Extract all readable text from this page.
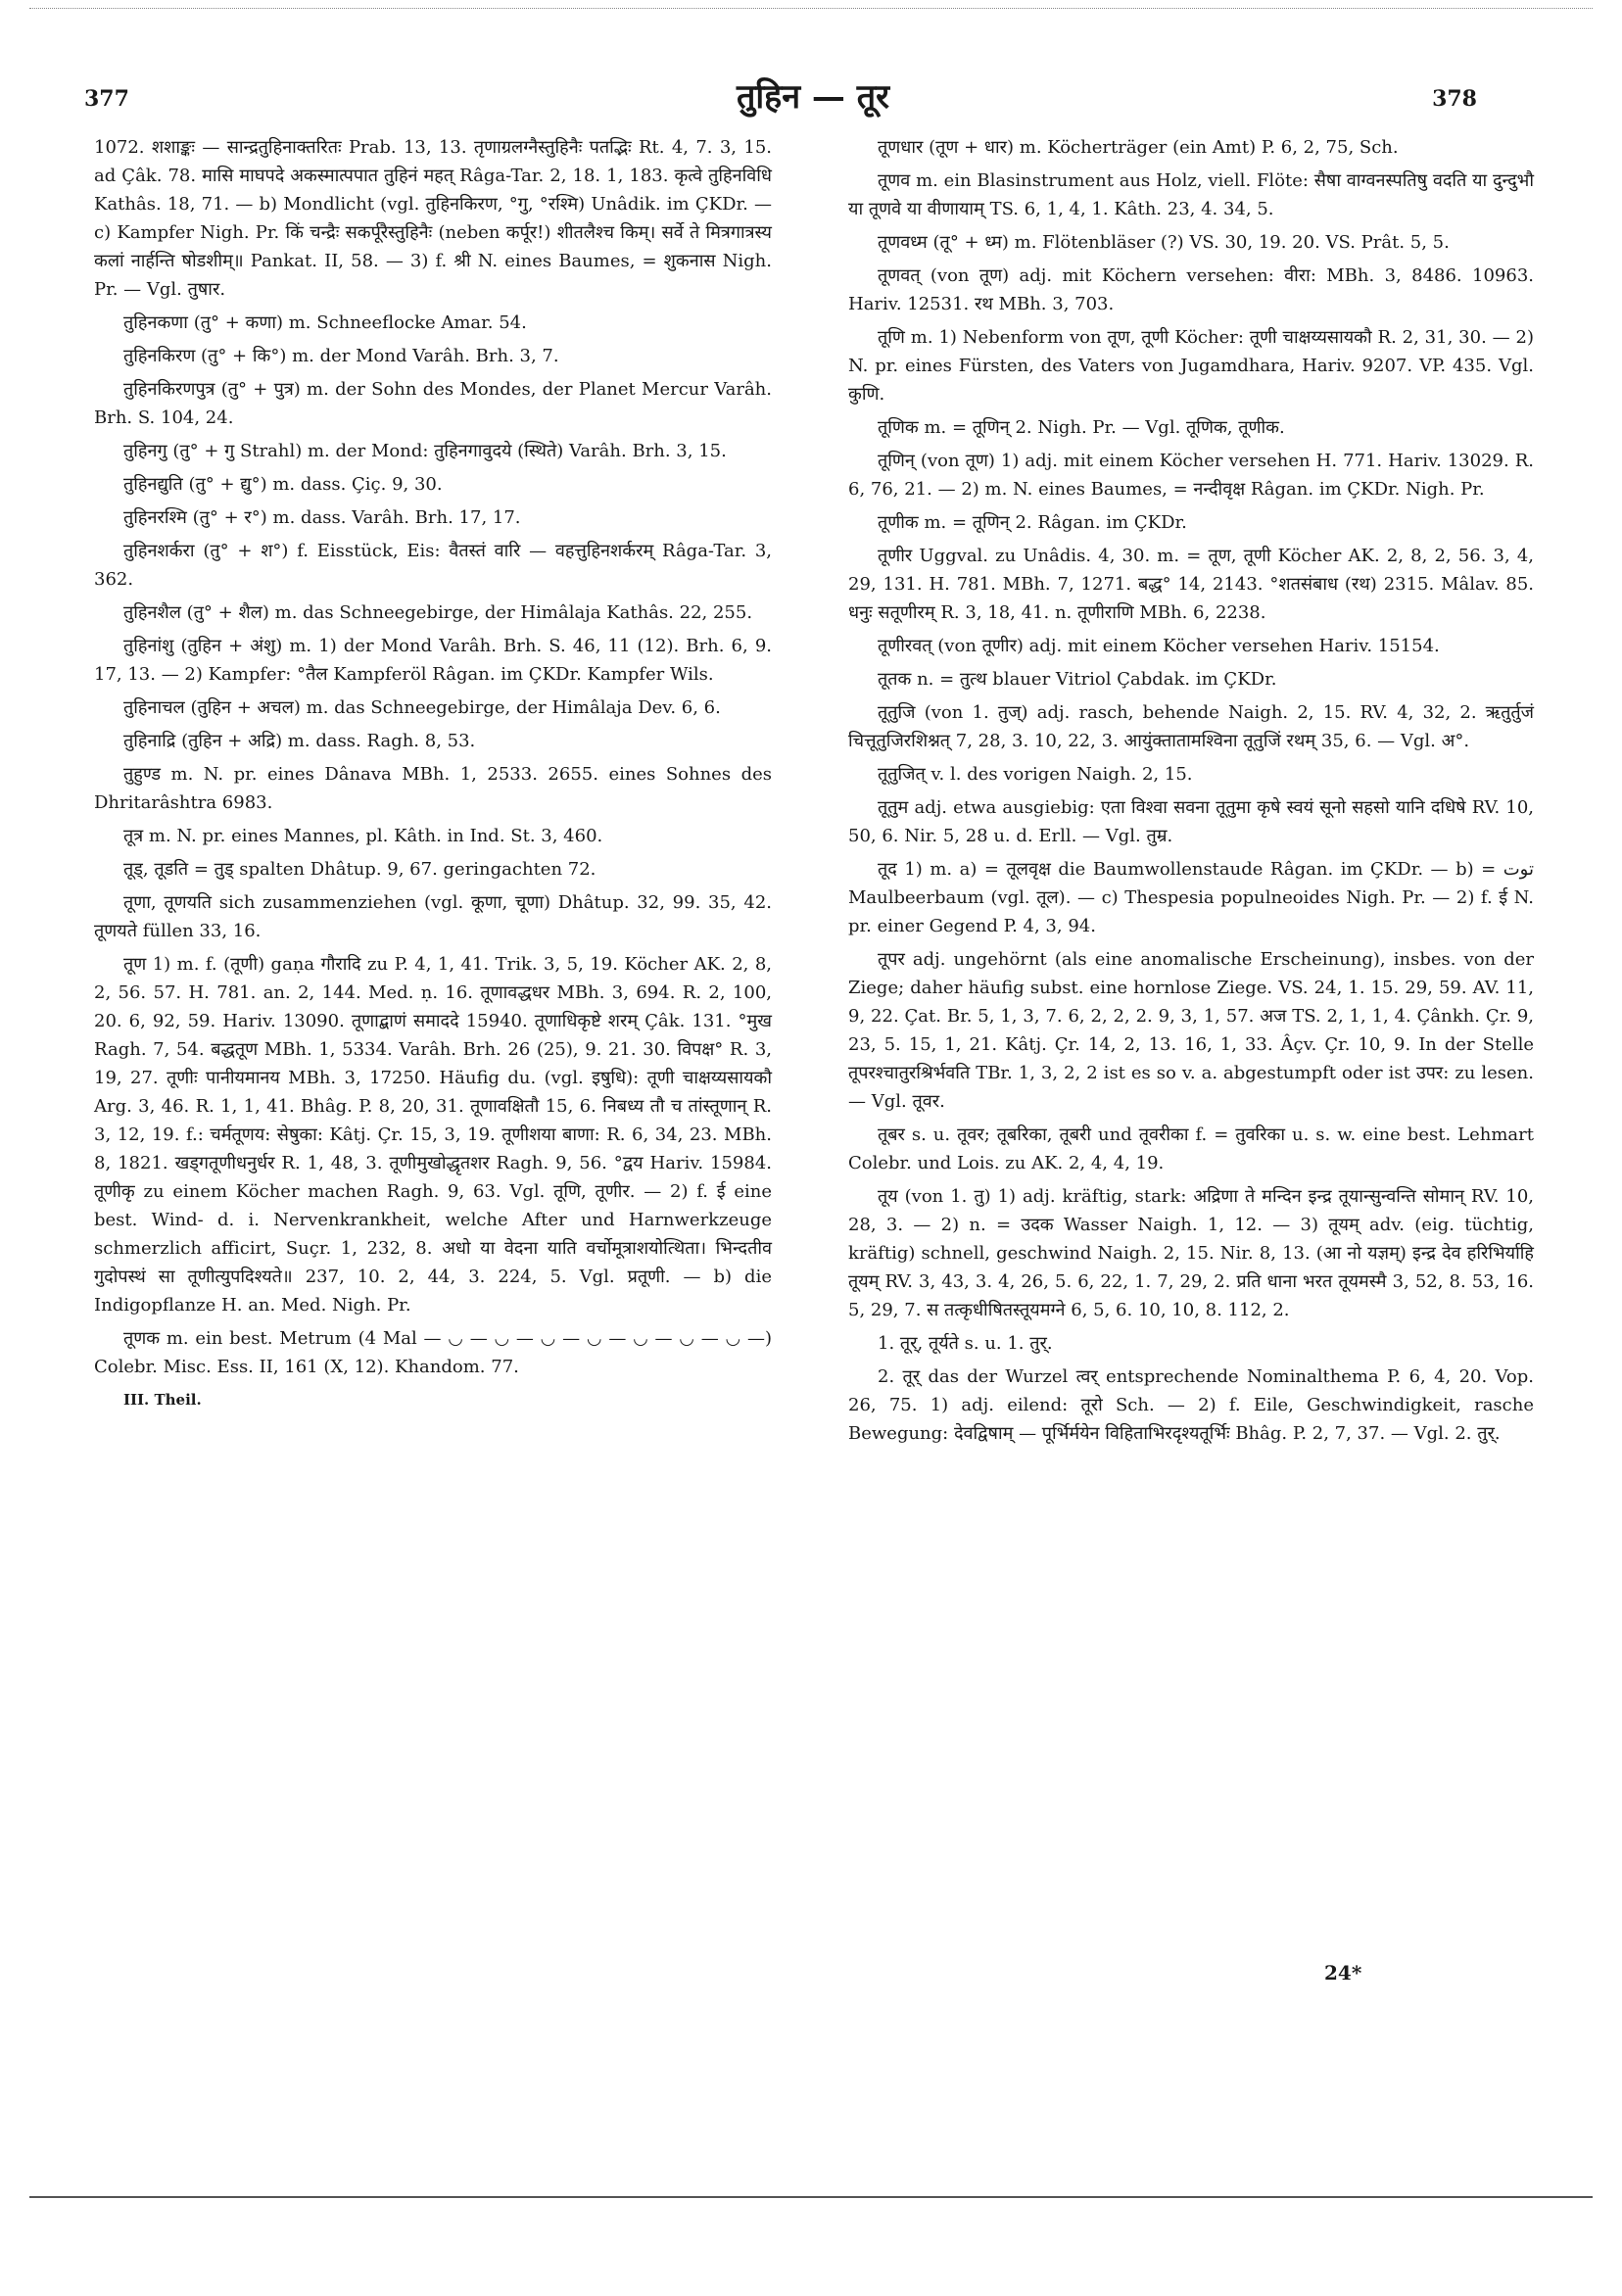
377	तुहिन — तूर	378

1072. शशाङ्कः — सान्द्रतुहिनाक्तरितः Prab. 13, 13. तृणाग्रलग्नैस्तुहिनैः पतद्भिः Rt. 4, 7. 3, 15. ad Çâk. 78. मासि माघपदे अकस्मात्पपात तुहिनं महत् Râga-Tar. 2, 18. 1, 183. कृत्वे तुहिनविधि Kathâs. 18, 71. — b) Mondlicht (vgl. तुहिनकिरण, °गु, °रश्मि) Unâdik. im ÇKDr. — c) Kampfer Nigh. Pr. किं चन्द्रैः सकर्पूरैस्तुहिनैः (neben कर्पूर!) शीतलैश्च किम्। सर्वे ते मित्रगात्रस्य कलां नार्हन्ति षोडशीम्॥ Pankat. II, 58. — 3) f. श्री N. eines Baumes, = शुकनास Nigh. Pr. — Vgl. तुषार.

तुहिनकणा (तु° + कणा) m. Schneeflocke Amar. 54.

तुहिनकिरण (तु° + कि°) m. der Mond Varâh. Brh. 3, 7.

तुहिनकिरणपुत्र (तु° + पुत्र) m. der Sohn des Mondes, der Planet Mercur Varâh. Brh. S. 104, 24.

तुहिनगु (तु° + गु Strahl) m. der Mond: तुहिनगावुदये (स्थिते) Varâh. Brh. 3, 15.

तुहिनद्युति (तु° + द्यु°) m. dass. Çiç. 9, 30.

तुहिनरश्मि (तु° + र°) m. dass. Varâh. Brh. 17, 17.

तुहिनशर्करा (तु° + श°) f. Eisstück, Eis: वैतस्तं वारि — वहत्तुहिनशर्करम् Râga-Tar. 3, 362.

तुहिनशैल (तु° + शैल) m. das Schneegebirge, der Himâlaja Kathâs. 22, 255.

तुहिनांशु (तुहिन + अंशु) m. 1) der Mond Varâh. Brh. S. 46, 11 (12). Brh. 6, 9. 17, 13. — 2) Kampfer: °तैल Kampferöl Râgan. im ÇKDr. Kampfer Wils.

तुहिनाचल (तुहिन + अचल) m. das Schneegebirge, der Himâlaja Dev. 6, 6.

तुहिनाद्रि (तुहिन + अद्रि) m. dass. Ragh. 8, 53.

तुहुण्ड m. N. pr. eines Dânava MBh. 1, 2533. 2655. eines Sohnes des Dhritarâshtra 6983.

तूत्र m. N. pr. eines Mannes, pl. Kâth. in Ind. St. 3, 460.

तूड्, तूडति = तुड् spalten Dhâtup. 9, 67. geringachten 72.

तूणा, तूणयति sich zusammenziehen (vgl. कूणा, चूणा) Dhâtup. 32, 99. 35, 42. तूणयते füllen 33, 16.

तूण 1) m. f. (तूणी) gaṇa गौरादि zu P. 4, 1, 41. Trik. 3, 5, 19. Köcher AK. 2, 8, 2, 56. 57. H. 781. an. 2, 144. Med. ṇ. 16. तूणावद्धधर MBh. 3, 694. R. 2, 100, 20. 6, 92, 59. Hariv. 13090. तूणाद्बाणं समाददे 15940. तूणाधिकृष्टे शरम् Çâk. 131. °मुख Ragh. 7, 54. बद्धतूण MBh. 1, 5334. Varâh. Brh. 26 (25), 9. 21. 30. विपक्ष° R. 3, 19, 27. तूणीः पानीयमानय MBh. 3, 17250. Häufig du. (vgl. इषुधि): तूणी चाक्षय्यसायकौ Arg. 3, 46. R. 1, 1, 41. Bhâg. P. 8, 20, 31. तूणावक्षितौ 15, 6. निबध्य तौ च तांस्तूणान् R. 3, 12, 19. f.: चर्मतूणय: सेषुका: Kâtj. Çr. 15, 3, 19. तूणीशया बाणा: R. 6, 34, 23. MBh. 8, 1821. खड्गतूणीधनुर्धर R. 1, 48, 3. तूणीमुखोद्धृतशर Ragh. 9, 56. °द्वय Hariv. 15984. तूणीकृ zu einem Köcher machen Ragh. 9, 63. Vgl. तूणि, तूणीर. — 2) f. ई eine best. Wind- d. i. Nervenkrankheit, welche After und Harnwerkzeuge schmerzlich afficirt, Suçr. 1, 232, 8. अधो या वेदना याति वर्चोमूत्राशयोत्थिता। भिन्दतीव गुदोपस्थं सा तूणीत्युपदिश्यते॥ 237, 10. 2, 44, 3. 224, 5. Vgl. प्रतूणी. — b) die Indigopflanze H. an. Med. Nigh. Pr.

तूणक m. ein best. Metrum (4 Mal — ◡ — ◡ — ◡ — ◡ — ◡ — ◡ — ◡ —) Colebr. Misc. Ess. II, 161 (X, 12). Khandom. 77.

III. Theil.

तूणधार (तूण + धार) m. Köcherträger (ein Amt) P. 6, 2, 75, Sch.

तूणव m. ein Blasinstrument aus Holz, viell. Flöte: सैषा वाग्वनस्पतिषु वदति या दुन्दुभौ या तूणवे या वीणायाम् TS. 6, 1, 4, 1. Kâth. 23, 4. 34, 5.

तूणवध्म (तू° + ध्म) m. Flötenbläser (?) VS. 30, 19. 20. VS. Prât. 5, 5.

तूणवत् (von तूण) adj. mit Köchern versehen: वीरा: MBh. 3, 8486. 10963. Hariv. 12531. रथ MBh. 3, 703.

तूणि m. 1) Nebenform von तूण, तूणी Köcher: तूणी चाक्षय्यसायकौ R. 2, 31, 30. — 2) N. pr. eines Fürsten, des Vaters von Jugamdhara, Hariv. 9207. VP. 435. Vgl. कुणि.

तूणिक m. = तूणिन् 2. Nigh. Pr. — Vgl. तूणिक, तूणीक.

तूणिन् (von तूण) 1) adj. mit einem Köcher versehen H. 771. Hariv. 13029. R. 6, 76, 21. — 2) m. N. eines Baumes, = नन्दीवृक्ष Râgan. im ÇKDr. Nigh. Pr.

तूणीक m. = तूणिन् 2. Râgan. im ÇKDr.

तूणीर Uggval. zu Unâdis. 4, 30. m. = तूण, तूणी Köcher AK. 2, 8, 2, 56. 3, 4, 29, 131. H. 781. MBh. 7, 1271. बद्ध° 14, 2143. °शतसंबाध (रथ) 2315. Mâlav. 85. धनुः सतूणीरम् R. 3, 18, 41. n. तूणीराणि MBh. 6, 2238.

तूणीरवत् (von तूणीर) adj. mit einem Köcher versehen Hariv. 15154.

तूतक n. = तुत्थ blauer Vitriol Çabdak. im ÇKDr.

तूतुजि (von 1. तुज्) adj. rasch, behende Naigh. 2, 15. RV. 4, 32, 2. ऋतुर्तुजं चित्तूतुजिरशिश्नत् 7, 28, 3. 10, 22, 3. आयुंक्तातामश्विना तूतुजिं रथम् 35, 6. — Vgl. अ°.

तूतुजित् v. l. des vorigen Naigh. 2, 15.

तूतुम adj. etwa ausgiebig: एता विश्वा सवना तूतुमा कृषे स्वयं सूनो सहसो यानि दधिषे RV. 10, 50, 6. Nir. 5, 28 u. d. Erll. — Vgl. तुम्र.

तूद 1) m. a) = तूलवृक्ष die Baumwollenstaude Râgan. im ÇKDr. — b) = توت Maulbeerbaum (vgl. तूल). — c) Thespesia populneoides Nigh. Pr. — 2) f. ई N. pr. einer Gegend P. 4, 3, 94.

तूपर adj. ungehörnt (als eine anomalische Erscheinung), insbes. von der Ziege; daher häufig subst. eine hornlose Ziege. VS. 24, 1. 15. 29, 59. AV. 11, 9, 22. Çat. Br. 5, 1, 3, 7. 6, 2, 2, 2. 9, 3, 1, 57. अज TS. 2, 1, 1, 4. Çânkh. Çr. 9, 23, 5. 15, 1, 21. Kâtj. Çr. 14, 2, 13. 16, 1, 33. Âçv. Çr. 10, 9. In der Stelle तूपरश्चातुरश्रिर्भवति TBr. 1, 3, 2, 2 ist es so v. a. abgestumpft oder ist उपर: zu lesen. — Vgl. तूवर.

तूबर s. u. तूवर; तूबरिका, तूबरी und तूवरीका f. = तुवरिका u. s. w. eine best. Lehmart Colebr. und Lois. zu AK. 2, 4, 4, 19.

तूय (von 1. तु) 1) adj. kräftig, stark: अद्रिणा ते मन्दिन इन्द्र तूयान्सुन्वन्ति सोमान् RV. 10, 28, 3. — 2) n. = उदक Wasser Naigh. 1, 12. — 3) तूयम् adv. (eig. tüchtig, kräftig) schnell, geschwind Naigh. 2, 15. Nir. 8, 13. (आ नो यज्ञम्) इन्द्र देव हरिभिर्याहि तूयम् RV. 3, 43, 3. 4, 26, 5. 6, 22, 1. 7, 29, 2. प्रति धाना भरत तूयमस्मै 3, 52, 8. 53, 16. 5, 29, 7. स तत्कृधीषितस्तूयमग्ने 6, 5, 6. 10, 10, 8. 112, 2.

1. तूर्, तूर्यते s. u. 1. तुर्.

2. तूर् das der Wurzel त्वर् entsprechende Nominalthema P. 6, 4, 20. Vop. 26, 75. 1) adj. eilend: तूरो Sch. — 2) f. Eile, Geschwindigkeit, rasche Bewegung: देवद्विषाम् — पूर्भिर्मयेन विहिताभिरदृश्यतूर्भिः Bhâg. P. 2, 7, 37. — Vgl. 2. तुर्.

24*
